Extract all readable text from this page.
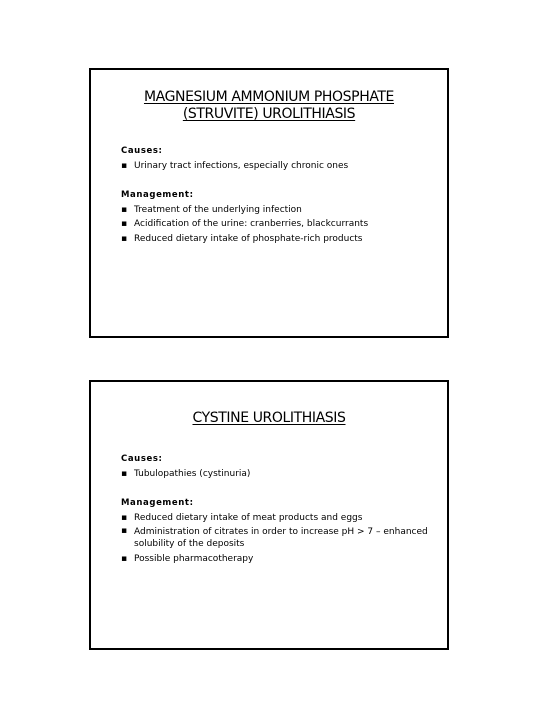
MAGNESIUM AMMONIUM PHOSPHATE
(STRUVITE) UROLITHIASIS
Causes:
▪ Urinary tract infections, especially chronic ones
Management:
▪ Treatment of the underlying infection
▪ Acidification of the urine: cranberries, blackcurrants
▪ Reduced dietary intake of phosphate-rich products
CYSTINE UROLITHIASIS
Causes:
▪ Tubulopathies (cystinuria)
Management:
▪ Reduced dietary intake of meat products and eggs
▪ Administration of citrates in order to increase pH > 7 – enhanced solubility of the deposits
▪ Possible pharmacotherapy
